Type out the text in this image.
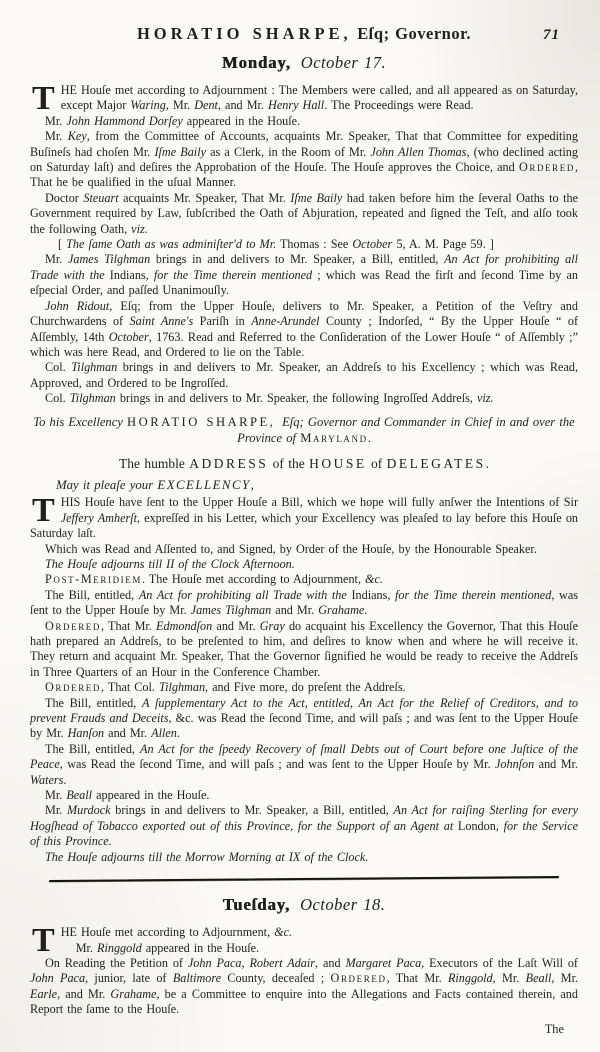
HORATIO SHARPE, Eſq; Governor.	71
Monday, October 17.

THE Houſe met according to Adjournment : The Members were called, and all appeared as on Saturday, except Major Waring, Mr. Dent, and Mr. Henry Hall. The Proceedings were Read.

Mr. John Hammond Dorſey appeared in the Houſe.

Mr. Key, from the Committee of Accounts, acquaints Mr. Speaker, That that Committee for expediting Buſineſs had choſen Mr. Iſme Baily as a Clerk, in the Room of Mr. John Allen Thomas, (who declined acting on Saturday laſt) and deſires the Approbation of the Houſe. The Houſe approves the Choice, and Ordered, That he be qualified in the uſual Manner.

Doctor Steuart acquaints Mr. Speaker, That Mr. Iſme Baily had taken before him the ſeveral Oaths to the Government required by Law, ſubſcribed the Oath of Abjuration, repeated and ſigned the Teſt, and alſo took the following Oath, viz.

[ The ſame Oath as was adminiſter'd to Mr. Thomas : See October 5, A. M. Page 59. ]

Mr. James Tilghman brings in and delivers to Mr. Speaker, a Bill, entitled, An Act for prohibiting all Trade with the Indians, for the Time therein mentioned ; which was Read the firſt and ſecond Time by an eſpecial Order, and paſſed Unanimouſly.

John Ridout, Eſq; from the Upper Houſe, delivers to Mr. Speaker, a Petition of the Veſtry and Churchwardens of Saint Anne's Pariſh in Anne-Arundel County ; Indorſed, “ By the Upper Houſe “ of Aſſembly, 14th October, 1763. Read and Referred to the Conſideration of the Lower Houſe “ of Aſſembly ;” which was here Read, and Ordered to lie on the Table.

Col. Tilghman brings in and delivers to Mr. Speaker, an Addreſs to his Excellency ; which was Read, Approved, and Ordered to be Ingroſſed.

Col. Tilghman brings in and delivers to Mr. Speaker, the following Ingroſſed Addreſs, viz.

To his Excellency HORATIO SHARPE, Eſq; Governor and Commander in Chief in and over the Province of Maryland.

The humble ADDRESS of the HOUSE of DELEGATES.

May it pleaſe your EXCELLENCY,

THIS Houſe have ſent to the Upper Houſe a Bill, which we hope will fully anſwer the Intentions of Sir Jeffery Amherſt, expreſſed in his Letter, which your Excellency was pleaſed to lay before this Houſe on Saturday laſt.

Which was Read and Aſſented to, and Signed, by Order of the Houſe, by the Honourable Speaker.

The Houſe adjourns till II of the Clock Afternoon.

Post-Meridiem. The Houſe met according to Adjournment, &c.

The Bill, entitled, An Act for prohibiting all Trade with the Indians, for the Time therein mentioned, was ſent to the Upper Houſe by Mr. James Tilghman and Mr. Grahame.

Ordered, That Mr. Edmondſon and Mr. Gray do acquaint his Excellency the Governor, That this Houſe hath prepared an Addreſs, to be preſented to him, and deſires to know when and where he will receive it. They return and acquaint Mr. Speaker, That the Governor ſignified he would be ready to receive the Addreſs in Three Quarters of an Hour in the Conference Chamber.

Ordered, That Col. Tilghman, and Five more, do preſent the Addreſs.

The Bill, entitled, A ſupplementary Act to the Act, entitled, An Act for the Relief of Creditors, and to prevent Frauds and Deceits, &c. was Read the ſecond Time, and will paſs ; and was ſent to the Upper Houſe by Mr. Hanſon and Mr. Allen.

The Bill, entitled, An Act for the ſpeedy Recovery of ſmall Debts out of Court before one Juſtice of the Peace, was Read the ſecond Time, and will paſs ; and was ſent to the Upper Houſe by Mr. Johnſon and Mr. Waters.

Mr. Beall appeared in the Houſe.

Mr. Murdock brings in and delivers to Mr. Speaker, a Bill, entitled, An Act for raiſing Sterling for every Hogſhead of Tobacco exported out of this Province, for the Support of an Agent at London, for the Service of this Province.

The Houſe adjourns till the Morrow Morning at IX of the Clock.

Tueſday, October 18.

THE Houſe met according to Adjournment, &c.

Mr. Ringgold appeared in the Houſe.

On Reading the Petition of John Paca, Robert Adair, and Margaret Paca, Executors of the Laſt Will of John Paca, junior, late of Baltimore County, deceaſed ; Ordered, That Mr. Ringgold, Mr. Beall, Mr. Earle, and Mr. Grahame, be a Committee to enquire into the Allegations and Facts contained therein, and Report the ſame to the Houſe.

The
